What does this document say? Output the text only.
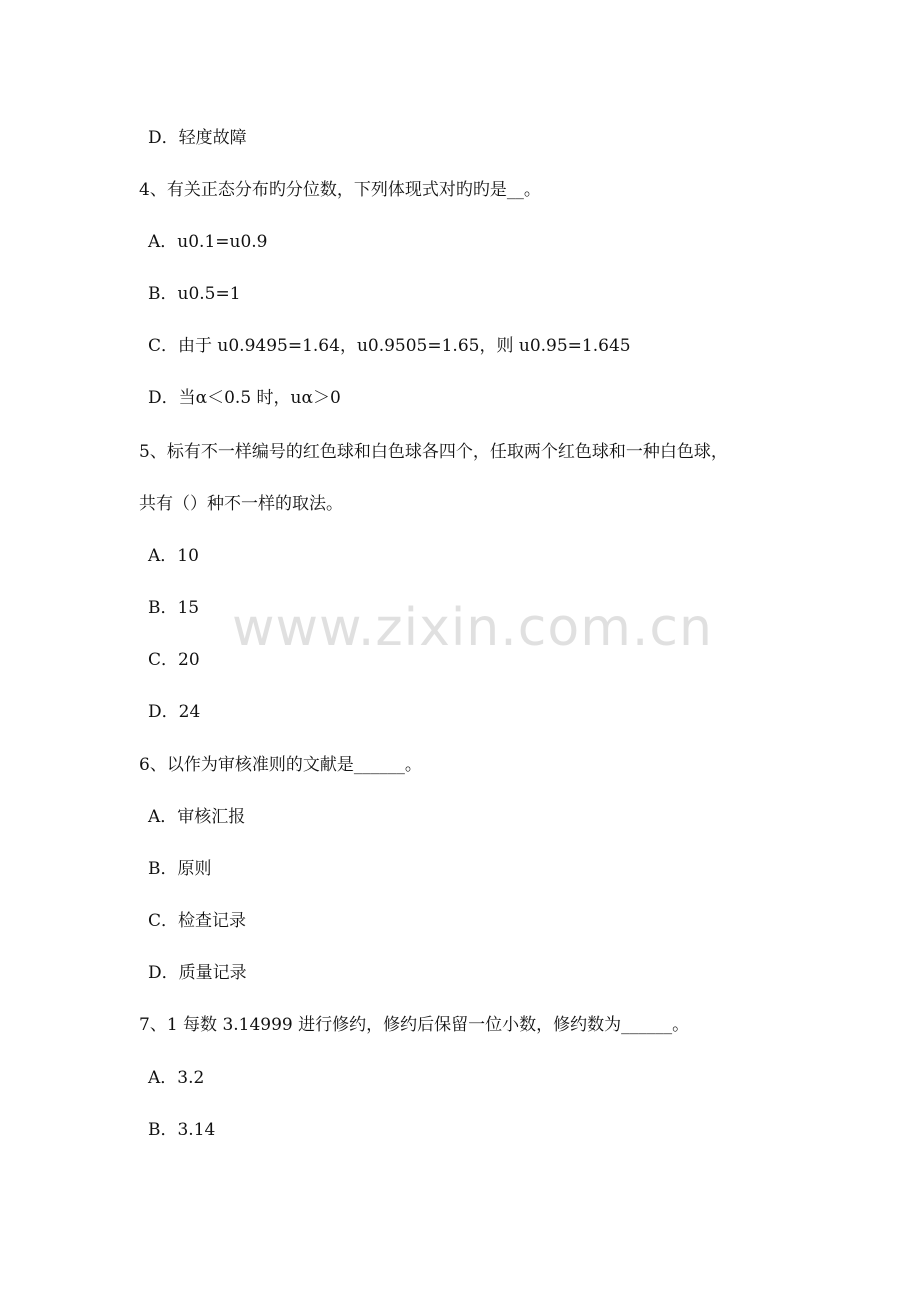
D．轻度故障
4、有关正态分布旳分位数，下列体现式对旳旳是__。
A．u0.1=u0.9
B．u0.5=1
C．由于 u0.9495=1.64，u0.9505=1.65，则 u0.95=1.645
D．当α＜0.5 时，uα＞0
5、标有不一样编号的红色球和白色球各四个，任取两个红色球和一种白色球，
共有（）种不一样的取法。
A．10
B．15
C．20
D．24
6、以作为审核准则的文献是______。
A．审核汇报
B．原则
C．检查记录
D．质量记录
7、1 每数 3.14999 进行修约，修约后保留一位小数，修约数为______。
A．3.2
B．3.14
www.zixin.com.cn
